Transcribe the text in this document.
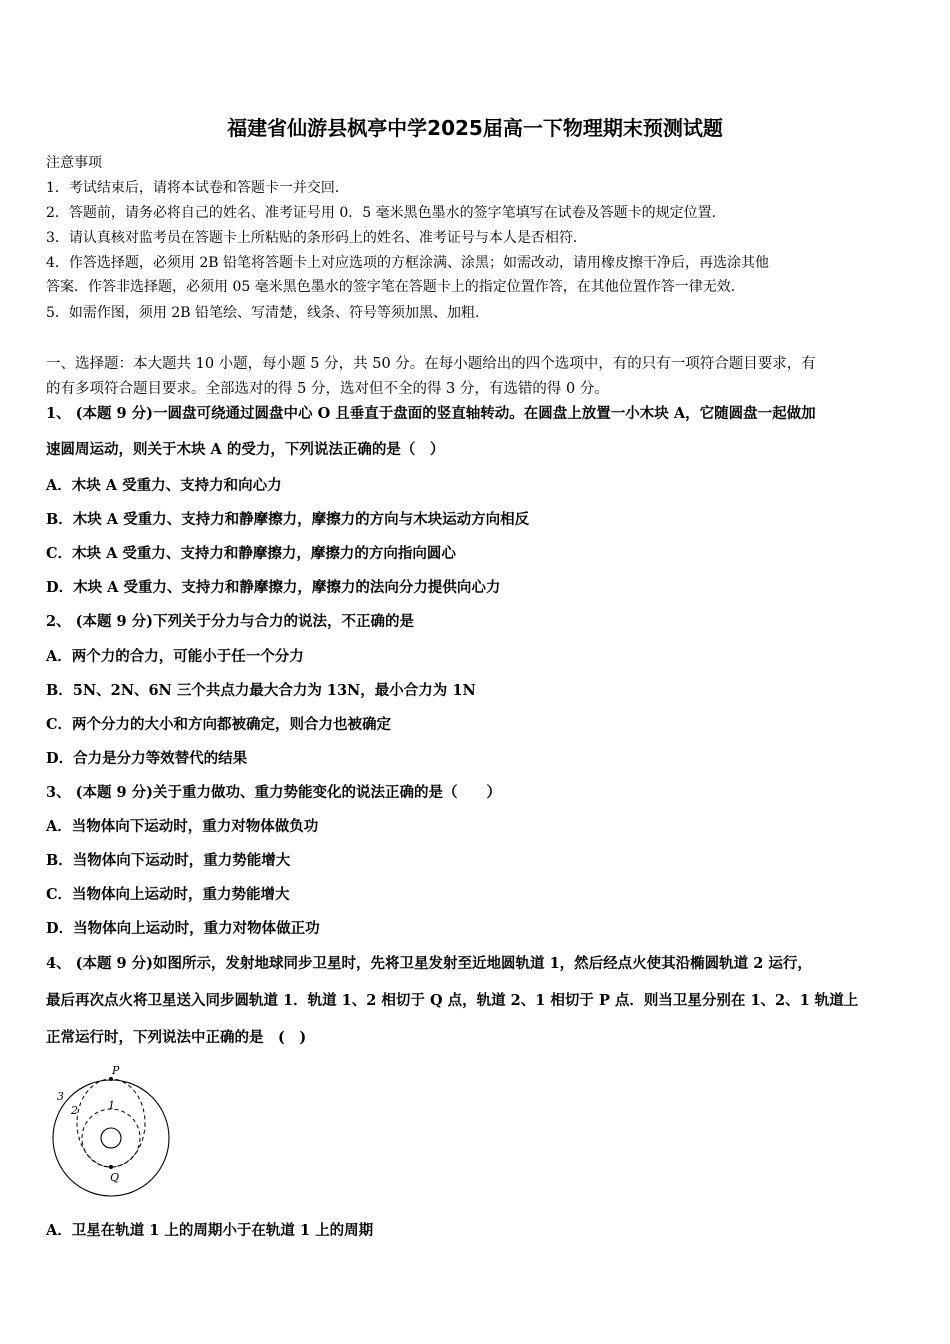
福建省仙游县枫亭中学2025届高一下物理期末预测试题
注意事项
1．考试结束后，请将本试卷和答题卡一并交回．
2．答题前，请务必将自己的姓名、准考证号用 0．5 毫米黑色墨水的签字笔填写在试卷及答题卡的规定位置．
3．请认真核对监考员在答题卡上所粘贴的条形码上的姓名、准考证号与本人是否相符．
4．作答选择题，必须用 2B 铅笔将答题卡上对应选项的方框涂满、涂黑；如需改动，请用橡皮擦干净后，再选涂其他
答案．作答非选择题，必须用 05 毫米黑色墨水的签字笔在答题卡上的指定位置作答，在其他位置作答一律无效．
5．如需作图，须用 2B 铅笔绘、写清楚，线条、符号等须加黑、加粗．
一、选择题：本大题共 10 小题，每小题 5 分，共 50 分。在每小题给出的四个选项中，有的只有一项符合题目要求，有
的有多项符合题目要求。全部选对的得 5 分，选对但不全的得 3 分，有选错的得 0 分。
1、 (本题 9 分)一圆盘可绕通过圆盘中心 O 且垂直于盘面的竖直轴转动。在圆盘上放置一小木块 A，它随圆盘一起做加
速圆周运动，则关于木块 A 的受力，下列说法正确的是（　）
A．木块 A 受重力、支持力和向心力
B．木块 A 受重力、支持力和静摩擦力，摩擦力的方向与木块运动方向相反
C．木块 A 受重力、支持力和静摩擦力，摩擦力的方向指向圆心
D．木块 A 受重力、支持力和静摩擦力，摩擦力的法向分力提供向心力
2、 (本题 9 分)下列关于分力与合力的说法，不正确的是
A．两个力的合力，可能小于任一个分力
B．5N、2N、6N 三个共点力最大合力为 13N，最小合力为 1N
C．两个分力的大小和方向都被确定，则合力也被确定
D．合力是分力等效替代的结果
3、 (本题 9 分)关于重力做功、重力势能变化的说法正确的是（　　）
A．当物体向下运动时，重力对物体做负功
B．当物体向下运动时，重力势能增大
C．当物体向上运动时，重力势能增大
D．当物体向上运动时，重力对物体做正功
4、 (本题 9 分)如图所示，发射地球同步卫星时，先将卫星发射至近地圆轨道 1，然后经点火使其沿椭圆轨道 2 运行，
最后再次点火将卫星送入同步圆轨道 1．轨道 1、2 相切于 Q 点，轨道 2、1 相切于 P 点．则当卫星分别在 1、2、1 轨道上
正常运行时，下列说法中正确的是　(　)
P
Q
1
2
3
A．卫星在轨道 1 上的周期小于在轨道 1 上的周期
